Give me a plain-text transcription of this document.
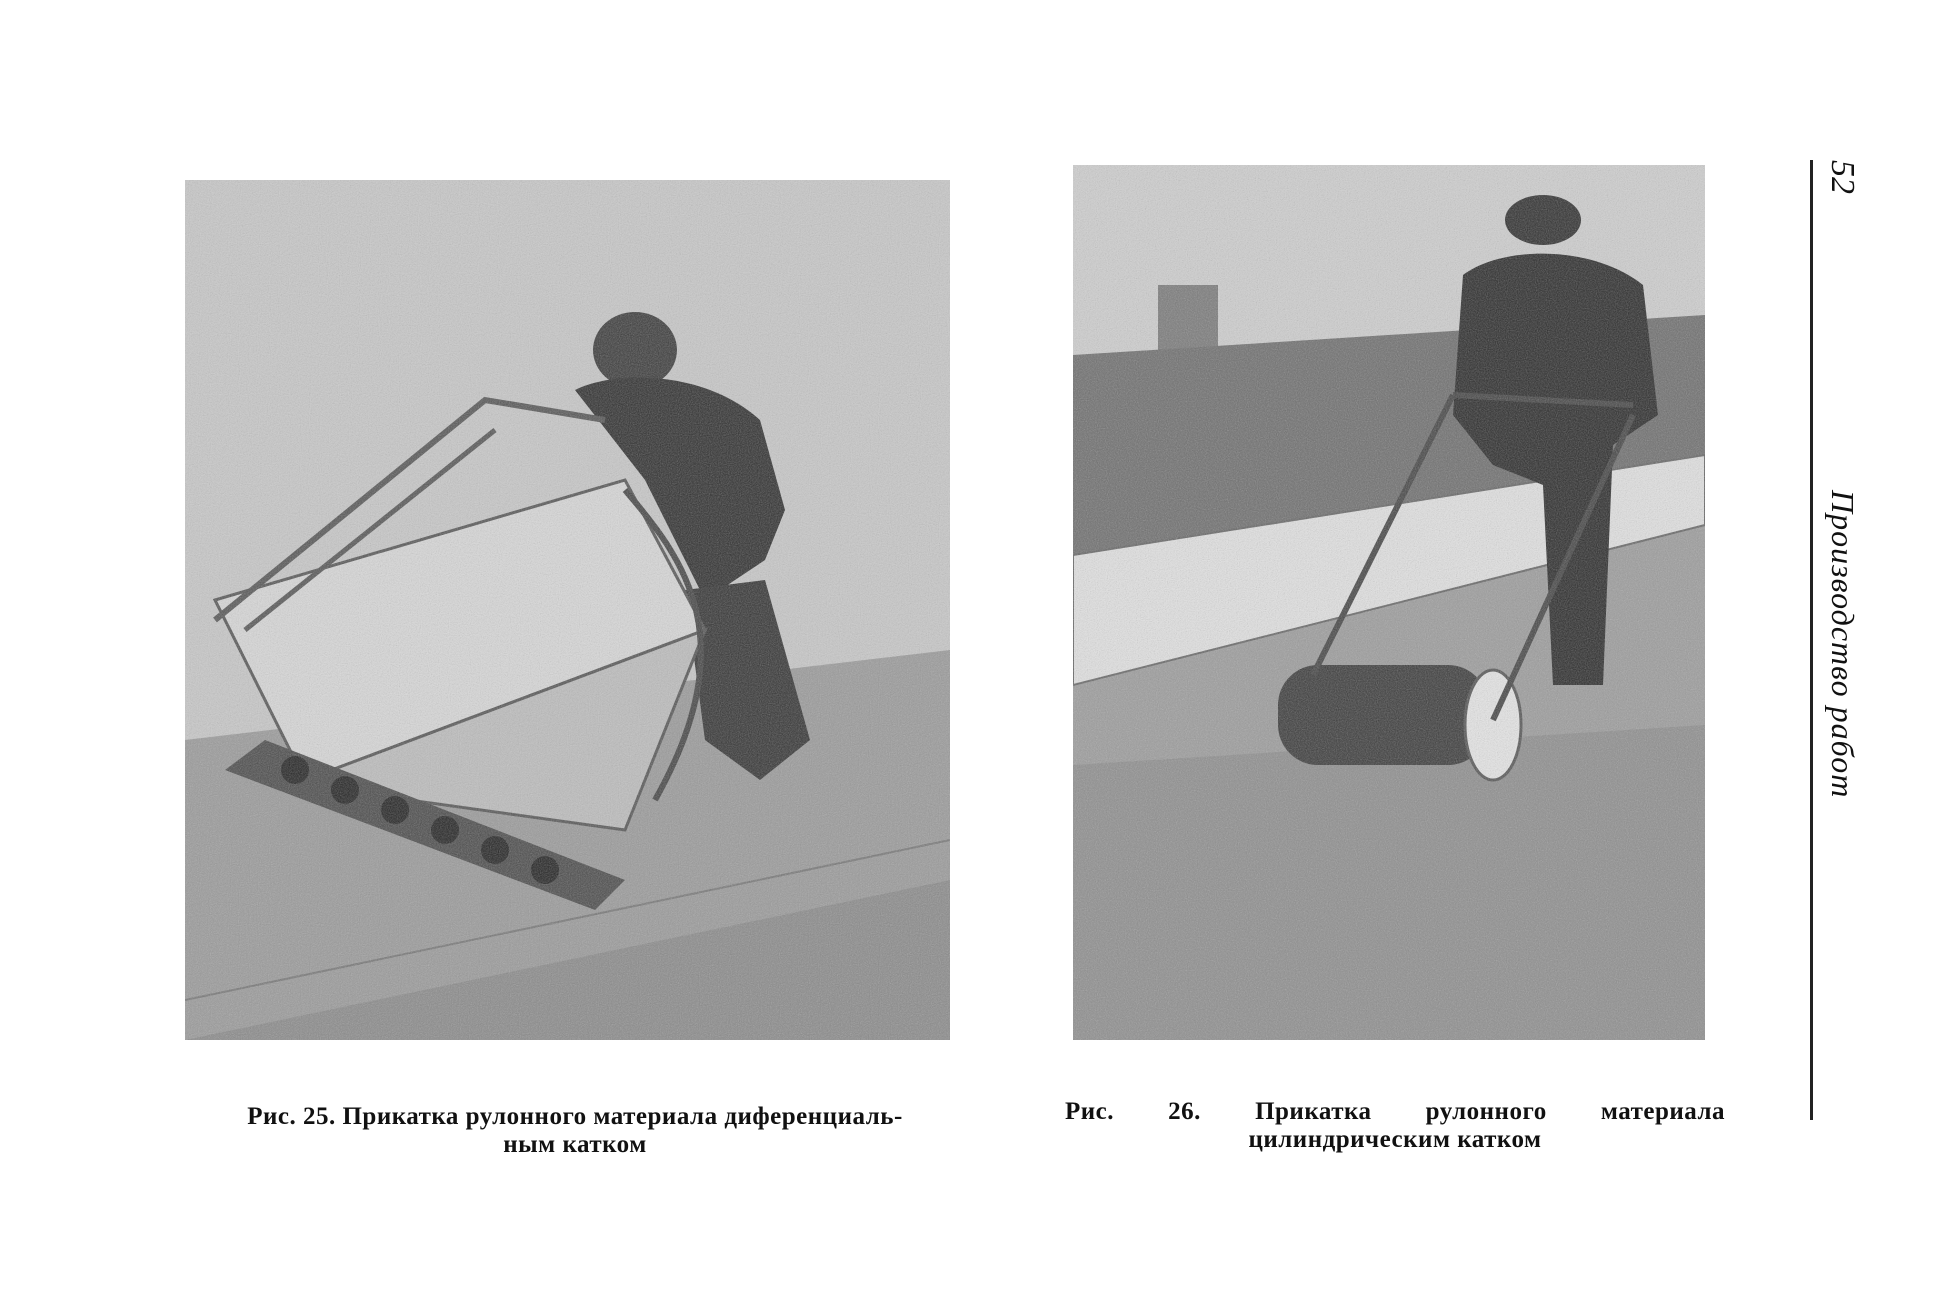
Рис. 25. Прикатка рулонного материала диференциаль-
ным катком
Рис. 26. Прикатка рулонного материала
цилиндрическим катком
52
Производство работ
